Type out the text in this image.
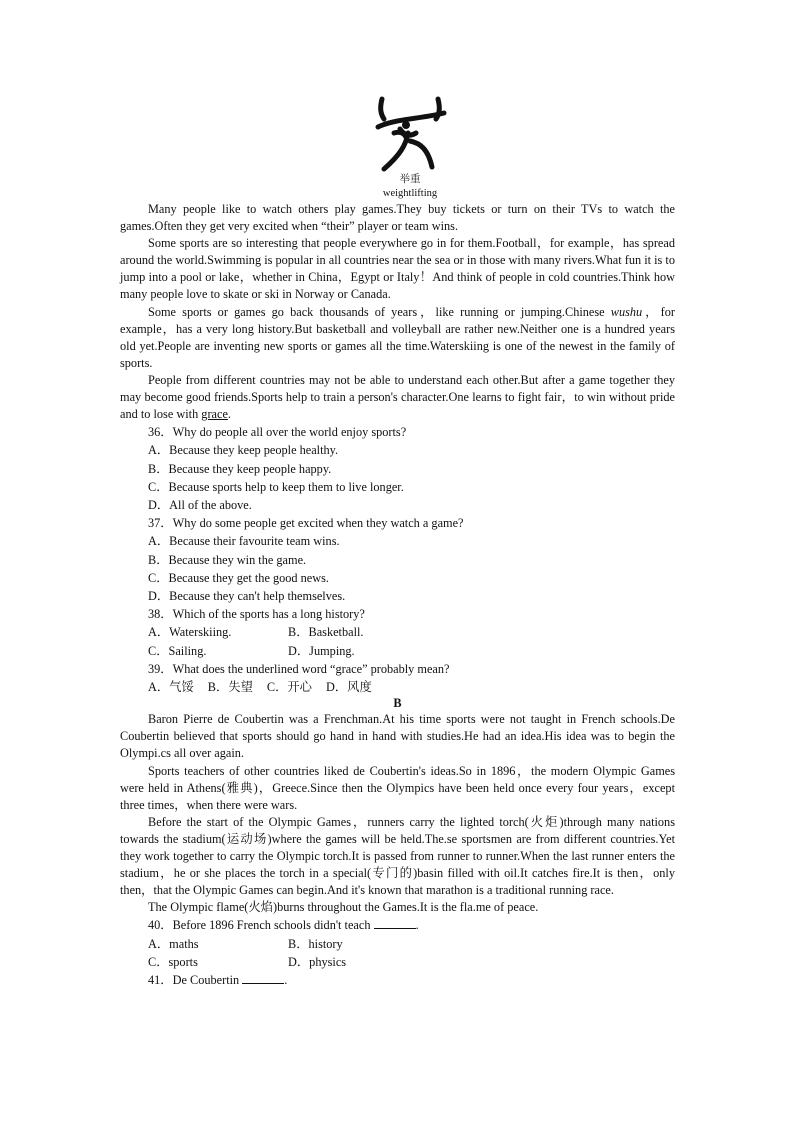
举重
weightlifting

Many people like to watch others play games.They buy tickets or turn on their TVs to watch the games.Often they get very excited when “their” player or team wins.

Some sports are so interesting that people everywhere go in for them.Football，for example，has spread around the world.Swimming is popular in all countries near the sea or in those with many rivers.What fun it is to jump into a pool or lake，whether in China，Egypt or Italy！And think of people in cold countries.Think how many people love to skate or ski in Norway or Canada.

Some sports or games go back thousands of years，like running or jumping.Chinese wushu，for example，has a very long history.But basketball and volleyball are rather new.Neither one is a hundred years old yet.People are inventing new sports or games all the time.Waterskiing is one of the newest in the family of sports.

People from different countries may not be able to understand each other.But after a game together they may become good friends.Sports help to train a person's character.One learns to fight fair，to win without pride and to lose with grace.

36．Why do people all over the world enjoy sports?

A．Because they keep people healthy.

B．Because they keep people happy.

C．Because sports help to keep them to live longer.

D．All of the above.

37．Why do some people get excited when they watch a game?

A．Because their favourite team wins.

B．Because they win the game.

C．Because they get the good news.

D．Because they can't help themselves.

38．Which of the sports has a long history?

A．Waterskiing.	B．Basketball.

C．Sailing.	D．Jumping.

39．What does the underlined word “grace” probably mean?

A．气馁 B．失望 C．开心 D．风度

B

Baron Pierre de Coubertin was a Frenchman.At his time sports were not taught in French schools.De Coubertin believed that sports should go hand in hand with studies.He had an idea.His idea was to begin the Olympi.cs all over again.

Sports teachers of other countries liked de Coubertin's ideas.So in 1896，the modern Olympic Games were held in Athens(雅典)，Greece.Since then the Olympics have been held once every four years，except three times，when there were wars.

Before the start of the Olympic Games，runners carry the lighted torch(火炬)through many nations towards the stadium(运动场)where the games will be held.The.se sportsmen are from different countries.Yet they work together to carry the Olympic torch.It is passed from runner to runner.When the last runner enters the stadium，he or she places the torch in a special(专门的)basin filled with oil.It catches fire.It is then，only then，that the Olympic Games can begin.And it's known that marathon is a traditional running race.

The Olympic flame(火焰)burns throughout the Games.It is the fla.me of peace.

40．Before 1896 French schools didn't teach	.

A．maths	B．history

C．sports	D．physics

41．De Coubertin	.
